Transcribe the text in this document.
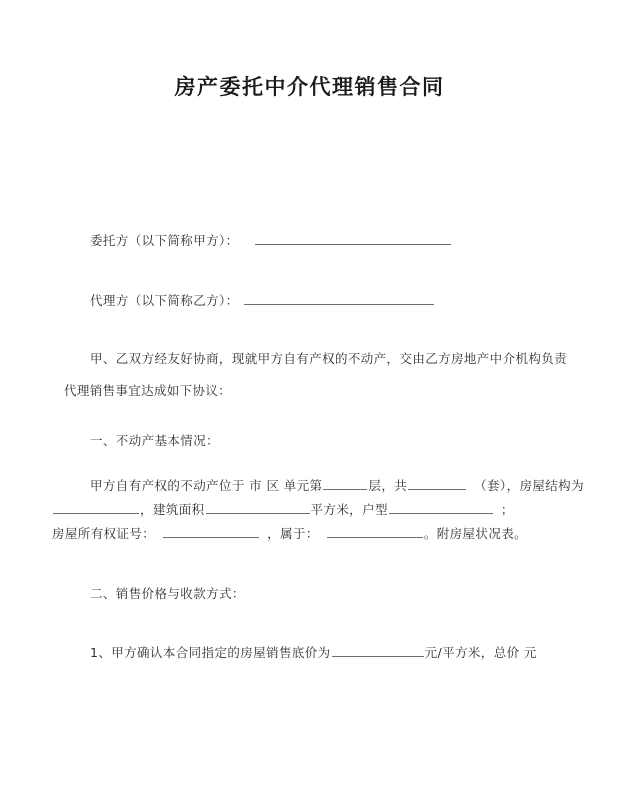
房产委托中介代理销售合同
委托方（以下简称甲方）：
代理方（以下简称乙方）：
甲、乙双方经友好协商，现就甲方自有产权的不动产，交由乙方房地产中介机构负责代理销售事宜达成如下协议：
一、不动产基本情况：
甲方自有产权的不动产位于 市 区 单元第	层，共	（套），房屋结构为
，建筑面积	平方米，户型	；
房屋所有权证号：	，属于：	。附房屋状况表。
二、销售价格与收款方式：
1、甲方确认本合同指定的房屋销售底价为	元/平方米，总价 元
